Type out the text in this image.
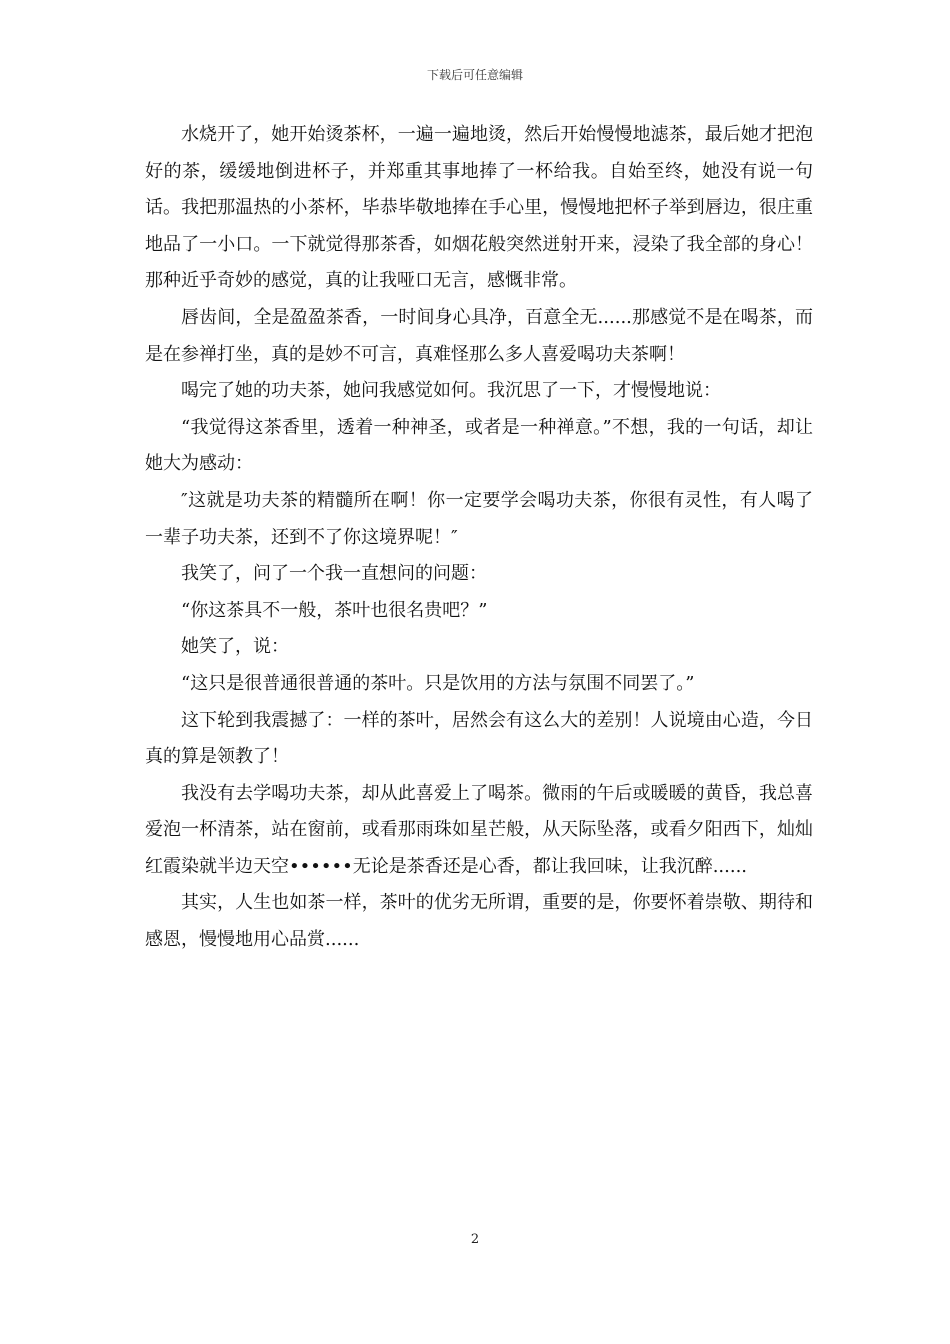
下载后可任意编辑

水烧开了，她开始烫茶杯，一遍一遍地烫，然后开始慢慢地滤茶，最后她才把泡好的茶，缓缓地倒进杯子，并郑重其事地捧了一杯给我。自始至终，她没有说一句话。我把那温热的小茶杯，毕恭毕敬地捧在手心里，慢慢地把杯子举到唇边，很庄重地品了一小口。一下就觉得那茶香，如烟花般突然迸射开来，浸染了我全部的身心！那种近乎奇妙的感觉，真的让我哑口无言，感慨非常。

唇齿间，全是盈盈茶香，一时间身心具净，百意全无......那感觉不是在喝茶，而是在参禅打坐，真的是妙不可言，真难怪那么多人喜爱喝功夫茶啊！

喝完了她的功夫茶，她问我感觉如何。我沉思了一下，才慢慢地说：

“我觉得这茶香里，透着一种神圣，或者是一种禅意。”不想，我的一句话，却让她大为感动：

″这就是功夫茶的精髓所在啊！你一定要学会喝功夫茶，你很有灵性，有人喝了一辈子功夫茶，还到不了你这境界呢！″

我笑了，问了一个我一直想问的问题：

“你这茶具不一般，茶叶也很名贵吧？”

她笑了，说：

“这只是很普通很普通的茶叶。只是饮用的方法与氛围不同罢了。”

这下轮到我震撼了：一样的茶叶，居然会有这么大的差别！人说境由心造，今日真的算是领教了！

我没有去学喝功夫茶，却从此喜爱上了喝茶。微雨的午后或暖暖的黄昏，我总喜爱泡一杯清茶，站在窗前，或看那雨珠如星芒般，从天际坠落，或看夕阳西下，灿灿红霞染就半边天空••••••无论是茶香还是心香，都让我回味，让我沉醉......

其实，人生也如茶一样，茶叶的优劣无所谓，重要的是，你要怀着崇敬、期待和感恩，慢慢地用心品赏......

2
